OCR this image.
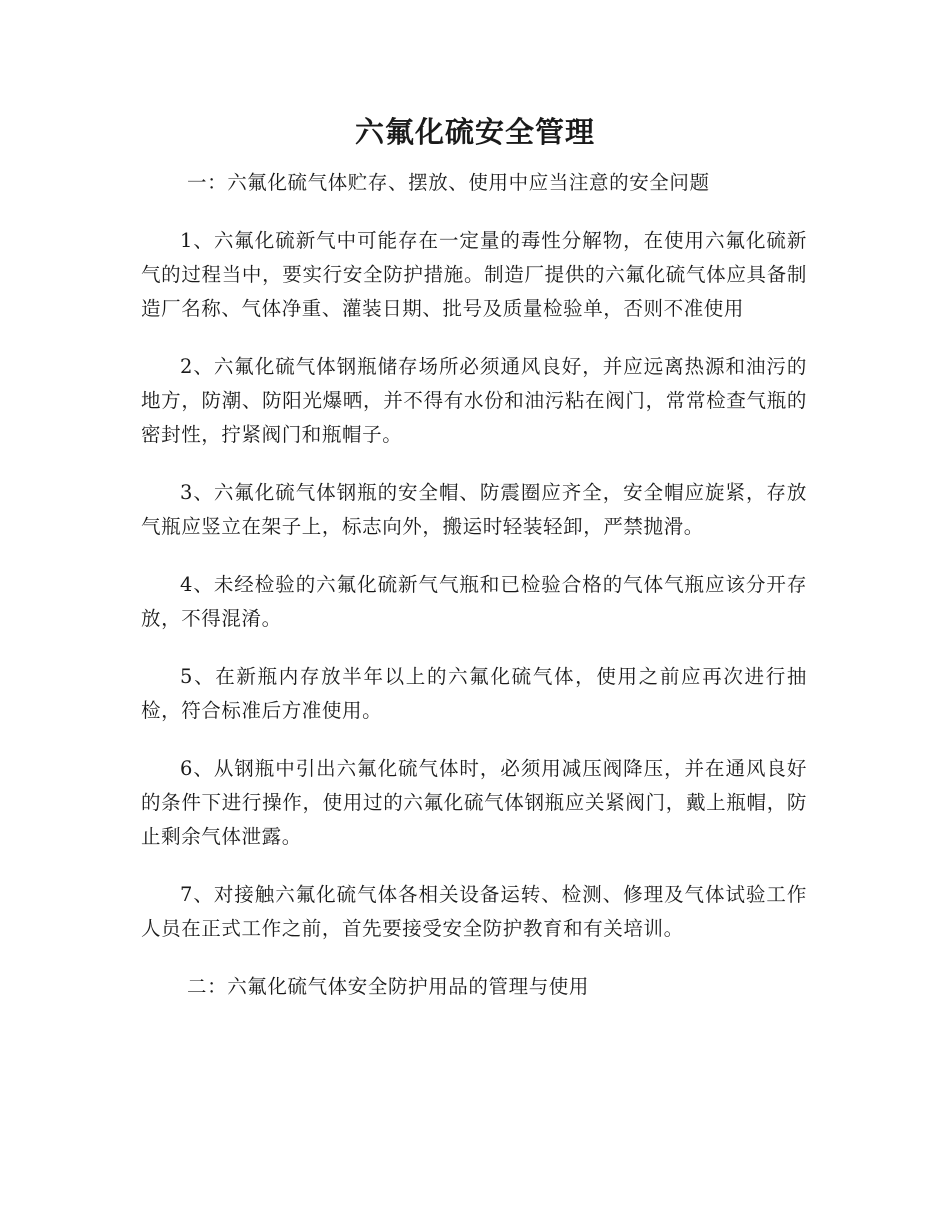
六氟化硫安全管理

一：六氟化硫气体贮存、摆放、使用中应当注意的安全问题

1、六氟化硫新气中可能存在一定量的毒性分解物，在使用六氟化硫新气的过程当中，要实行安全防护措施。制造厂提供的六氟化硫气体应具备制造厂名称、气体净重、灌装日期、批号及质量检验单，否则不准使用

2、六氟化硫气体钢瓶储存场所必须通风良好，并应远离热源和油污的地方，防潮、防阳光爆晒，并不得有水份和油污粘在阀门，常常检查气瓶的密封性，拧紧阀门和瓶帽子。

3、六氟化硫气体钢瓶的安全帽、防震圈应齐全，安全帽应旋紧，存放气瓶应竖立在架子上，标志向外，搬运时轻装轻卸，严禁抛滑。

4、未经检验的六氟化硫新气气瓶和已检验合格的气体气瓶应该分开存放，不得混淆。

5、在新瓶内存放半年以上的六氟化硫气体，使用之前应再次进行抽检，符合标准后方准使用。

6、从钢瓶中引出六氟化硫气体时，必须用减压阀降压，并在通风良好的条件下进行操作，使用过的六氟化硫气体钢瓶应关紧阀门，戴上瓶帽，防止剩余气体泄露。

7、对接触六氟化硫气体各相关设备运转、检测、修理及气体试验工作人员在正式工作之前，首先要接受安全防护教育和有关培训。

二：六氟化硫气体安全防护用品的管理与使用
